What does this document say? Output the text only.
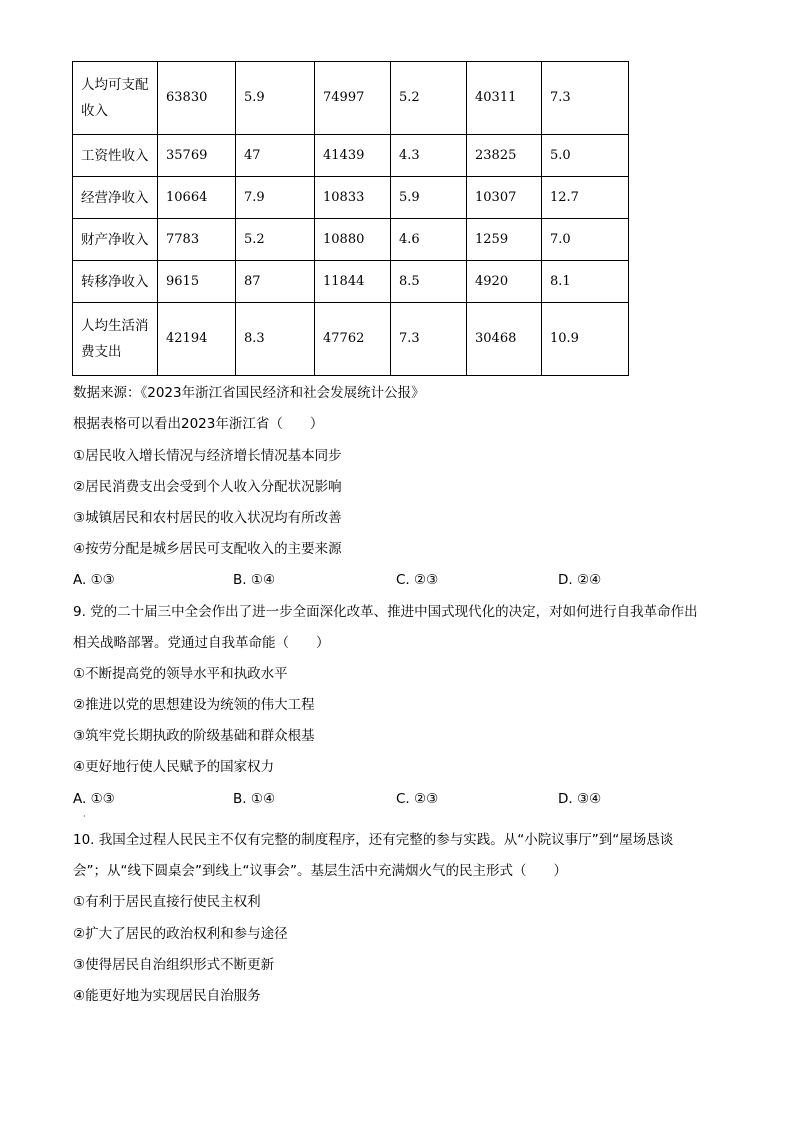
人均可支配收入	63830	5.9	74997	5.2	40311	7.3
工资性收入	35769	47	41439	4.3	23825	5.0
经营净收入	10664	7.9	10833	5.9	10307	12.7
财产净收入	7783	5.2	10880	4.6	1259	7.0
转移净收入	9615	87	11844	8.5	4920	8.1
人均生活消费支出	42194	8.3	47762	7.3	30468	10.9
数据来源：《2023年浙江省国民经济和社会发展统计公报》
根据表格可以看出2023年浙江省（　　）
①居民收入增长情况与经济增长情况基本同步
②居民消费支出会受到个人收入分配状况影响
③城镇居民和农村居民的收入状况均有所改善
④按劳分配是城乡居民可支配收入的主要来源
A. ①③	B. ①④	C. ②③	D. ②④
9. 党的二十届三中全会作出了进一步全面深化改革、推进中国式现代化的决定，对如何进行自我革命作出
相关战略部署。党通过自我革命能（　　）
①不断提高党的领导水平和执政水平
②推进以党的思想建设为统领的伟大工程
③筑牢党长期执政的阶级基础和群众根基
④更好地行使人民赋予的国家权力
A. ①③	B. ①④	C. ②③	D. ③④
·
10. 我国全过程人民民主不仅有完整的制度程序，还有完整的参与实践。从“小院议事厅”到“屋场恳谈
会”；从“线下圆桌会”到线上“议事会”。基层生活中充满烟火气的民主形式（　　）
①有利于居民直接行使民主权利
②扩大了居民的政治权利和参与途径
③使得居民自治组织形式不断更新
④能更好地为实现居民自治服务
